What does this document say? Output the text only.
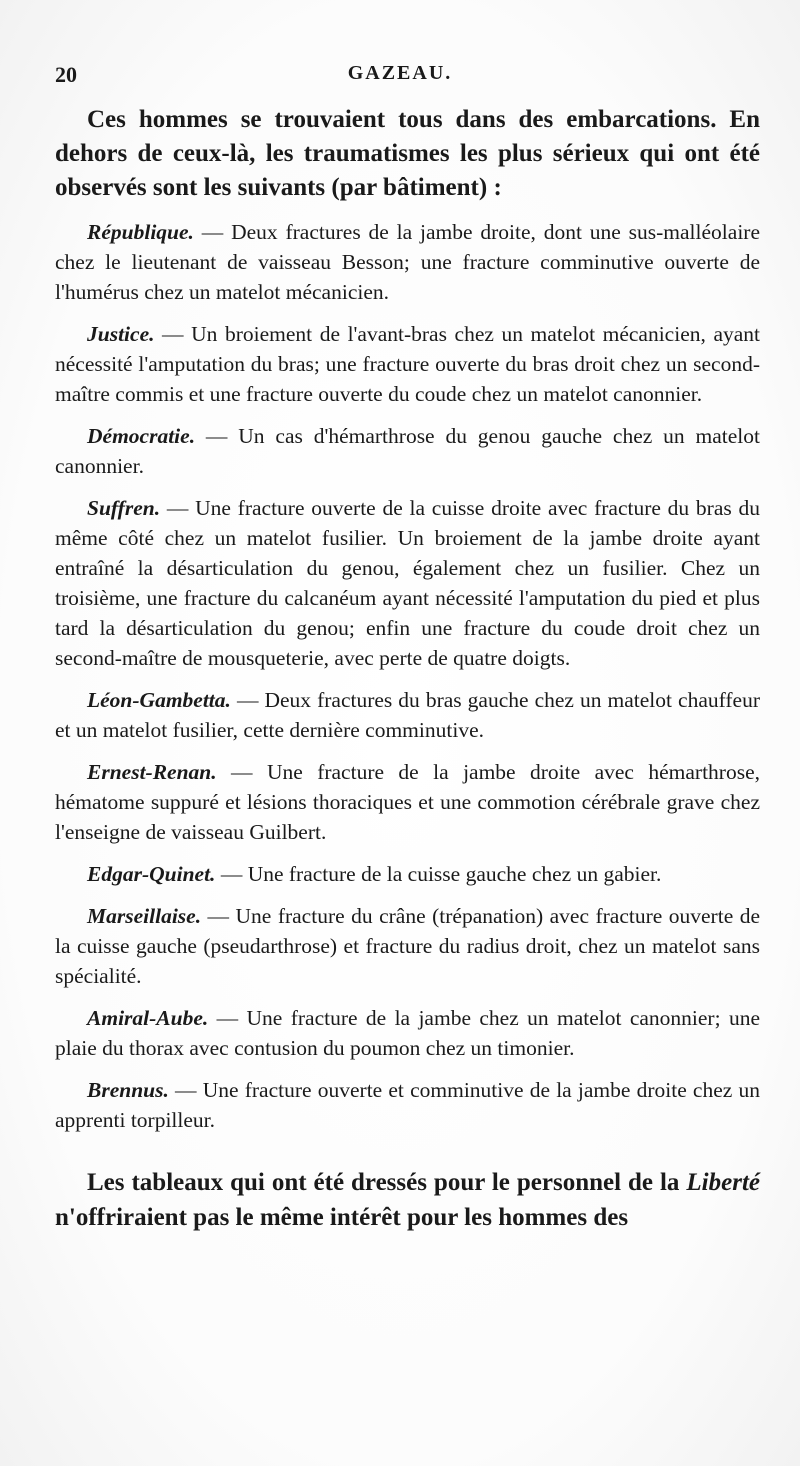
20	GAZEAU.

Ces hommes se trouvaient tous dans des embarcations. En dehors de ceux-là, les traumatismes les plus sérieux qui ont été observés sont les suivants (par bâtiment) :

République. — Deux fractures de la jambe droite, dont une sus-malléolaire chez le lieutenant de vaisseau Besson; une fracture comminutive ouverte de l'humérus chez un matelot mécanicien.

Justice. — Un broiement de l'avant-bras chez un matelot mécanicien, ayant nécessité l'amputation du bras; une fracture ouverte du bras droit chez un second-maître commis et une fracture ouverte du coude chez un matelot canonnier.

Démocratie. — Un cas d'hémarthrose du genou gauche chez un matelot canonnier.

Suffren. — Une fracture ouverte de la cuisse droite avec fracture du bras du même côté chez un matelot fusilier. Un broiement de la jambe droite ayant entraîné la désarticulation du genou, également chez un fusilier. Chez un troisième, une fracture du calcanéum ayant nécessité l'amputation du pied et plus tard la désarticulation du genou; enfin une fracture du coude droit chez un second-maître de mousqueterie, avec perte de quatre doigts.

Léon-Gambetta. — Deux fractures du bras gauche chez un matelot chauffeur et un matelot fusilier, cette dernière comminutive.

Ernest-Renan. — Une fracture de la jambe droite avec hémarthrose, hématome suppuré et lésions thoraciques et une commotion cérébrale grave chez l'enseigne de vaisseau Guilbert.

Edgar-Quinet. — Une fracture de la cuisse gauche chez un gabier.

Marseillaise. — Une fracture du crâne (trépanation) avec fracture ouverte de la cuisse gauche (pseudarthrose) et fracture du radius droit, chez un matelot sans spécialité.

Amiral-Aube. — Une fracture de la jambe chez un matelot canonnier; une plaie du thorax avec contusion du poumon chez un timonier.

Brennus. — Une fracture ouverte et comminutive de la jambe droite chez un apprenti torpilleur.

Les tableaux qui ont été dressés pour le personnel de la Liberté n'offriraient pas le même intérêt pour les hommes des
